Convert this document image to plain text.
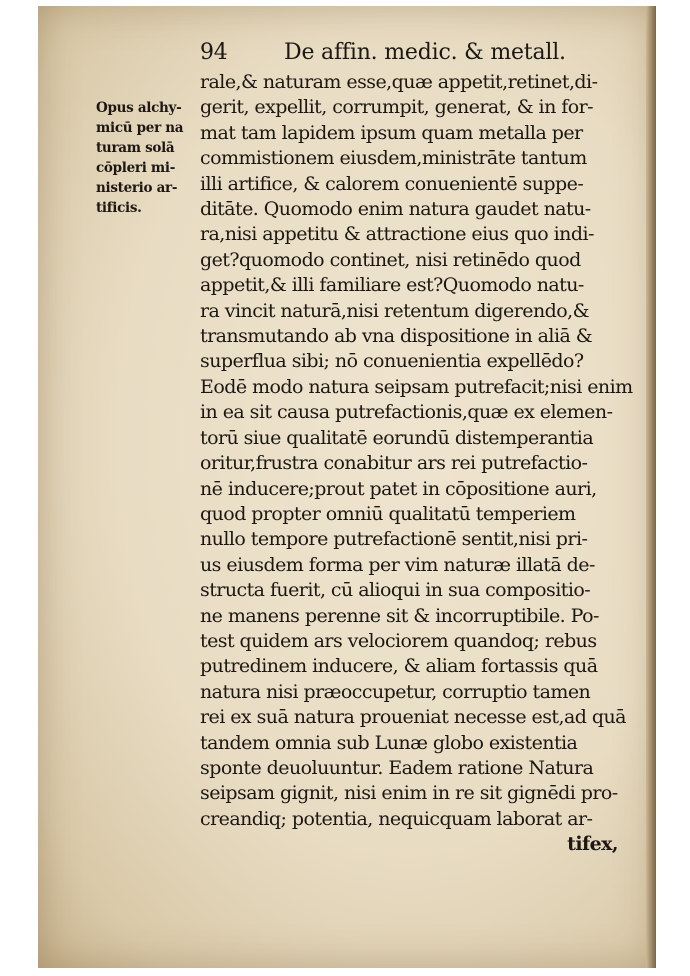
94	De affin. medic. & metall.
Opus alchy-
micū per na
turam solā
cōpleri mi-
nisterio ar-
tificis.
rale,& naturam esse,quæ appetit,retinet,di-
gerit, expellit, corrumpit, generat, & in for-
mat tam lapidem ipsum quam metalla per
commistionem eiusdem,ministrāte tantum
illi artifice, & calorem conuenientē suppe-
ditāte. Quomodo enim natura gaudet natu-
ra,nisi appetitu & attractione eius quo indi-
get?quomodo continet, nisi retinēdo quod
appetit,& illi familiare est?Quomodo natu-
ra vincit naturā,nisi retentum digerendo,&
transmutando ab vna dispositione in aliā &
superflua sibi; nō conuenientia expellēdo?
Eodē modo natura seipsam putrefacit;nisi enim
in ea sit causa putrefactionis,quæ ex elemen-
torū siue qualitatē eorundū distemperantia
oritur,frustra conabitur ars rei putrefactio-
nē inducere;prout patet in cōpositione auri,
quod propter omniū qualitatū temperiem
nullo tempore putrefactionē sentit,nisi pri-
us eiusdem forma per vim naturæ illatā de-
structa fuerit, cū alioqui in sua compositio-
ne manens perenne sit & incorruptibile. Po-
test quidem ars velociorem quandoq; rebus
putredinem inducere, & aliam fortassis quā
natura nisi præoccupetur, corruptio tamen
rei ex suā natura proueniat necesse est,ad quā
tandem omnia sub Lunæ globo existentia
sponte deuoluuntur. Eadem ratione Natura
seipsam gignit, nisi enim in re sit gignēdi pro-
creandiq; potentia, nequicquam laborat ar-
tifex,
